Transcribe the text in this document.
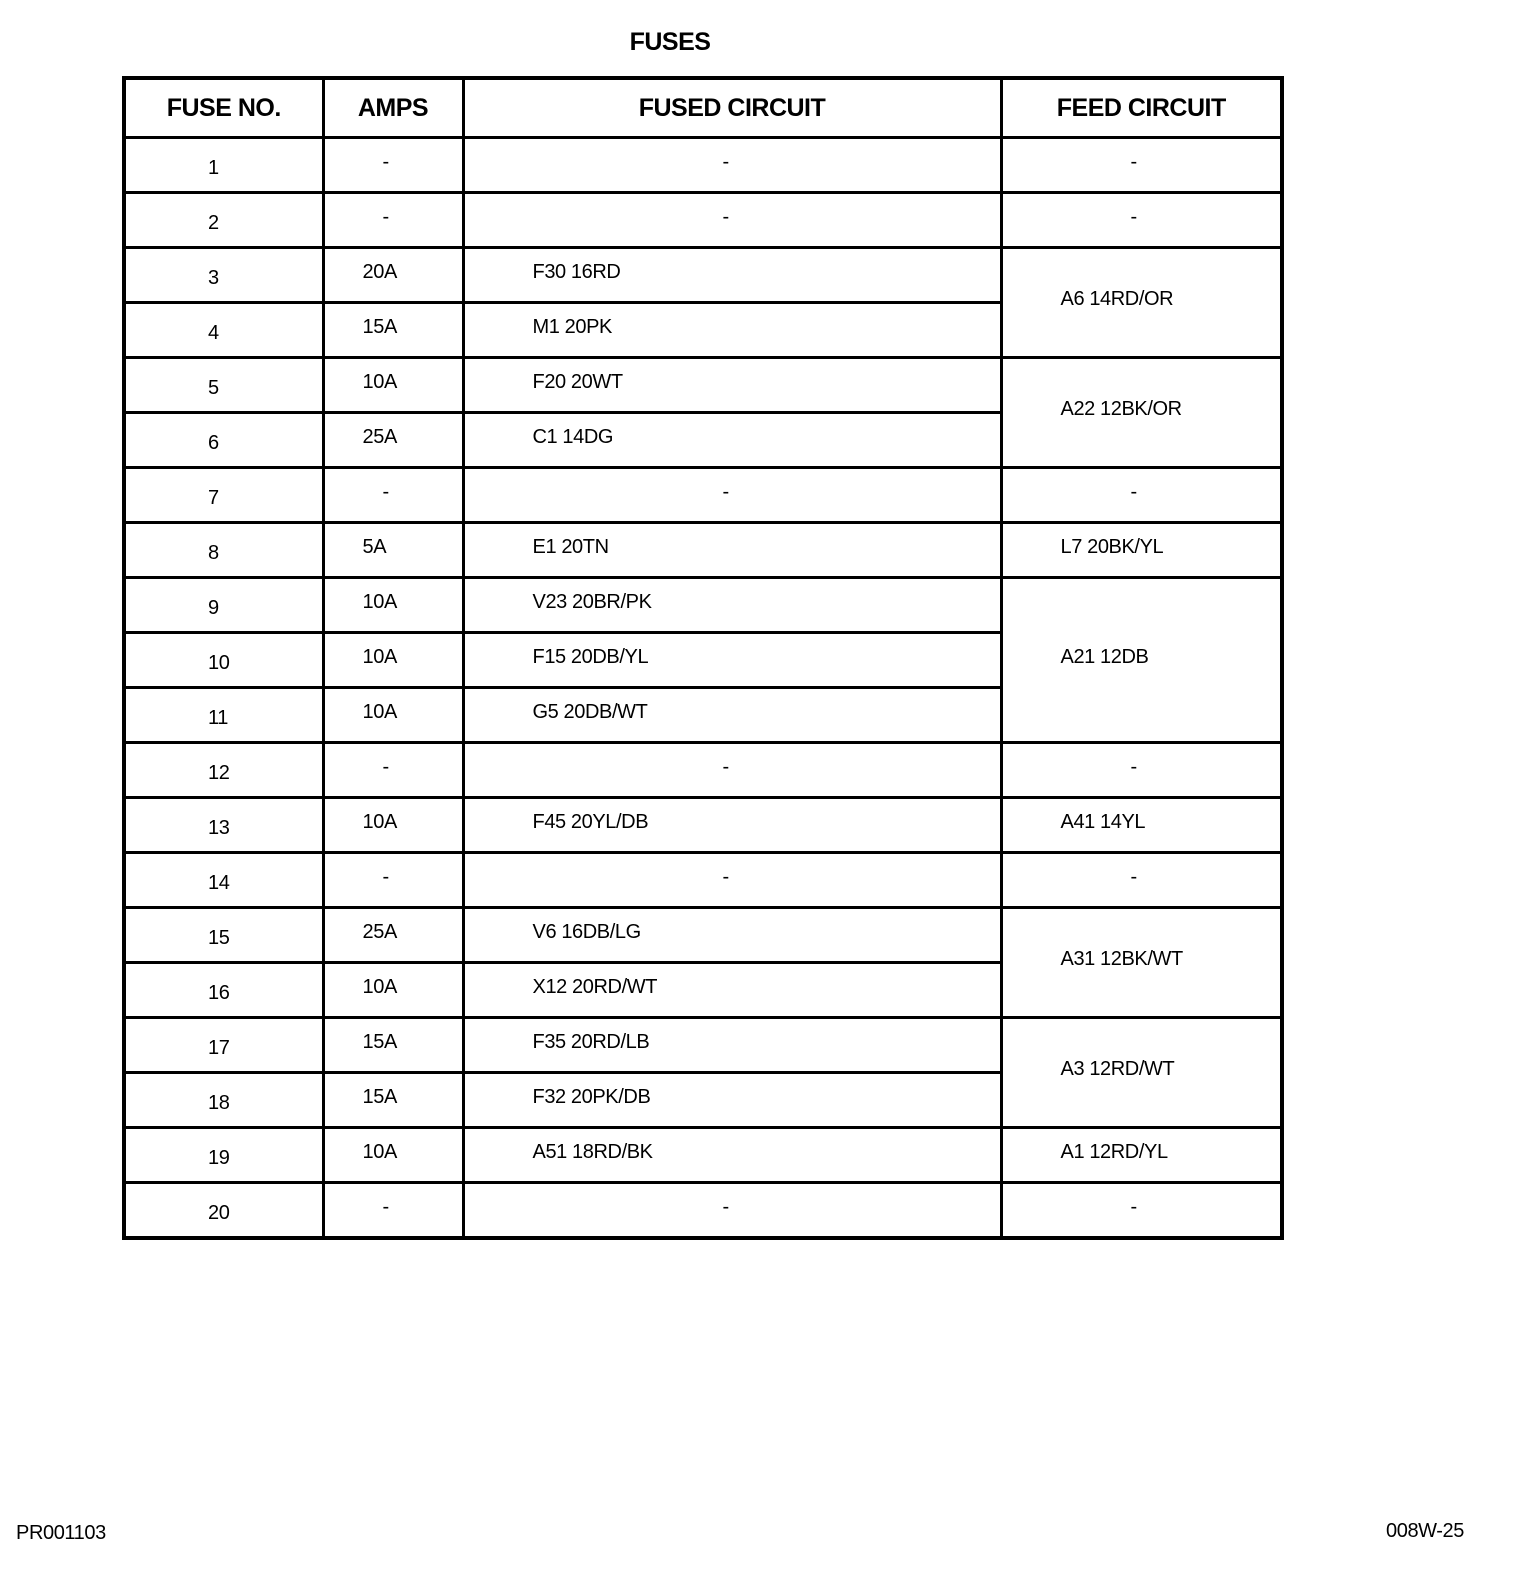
FUSES
FUSE NO.	AMPS	FUSED CIRCUIT	FEED CIRCUIT
1	-	-	-
2	-	-	-
3	20A	F30 16RD	A6 14RD/OR
4	15A	M1 20PK	
5	10A	F20 20WT	A22 12BK/OR
6	25A	C1 14DG	
7	-	-	-
8	5A	E1 20TN	L7 20BK/YL
9	10A	V23 20BR/PK	A21 12DB
10	10A	F15 20DB/YL	
11	10A	G5 20DB/WT	
12	-	-	-
13	10A	F45 20YL/DB	A41 14YL
14	-	-	-
15	25A	V6 16DB/LG	A31 12BK/WT
16	10A	X12 20RD/WT	
17	15A	F35 20RD/LB	A3 12RD/WT
18	15A	F32 20PK/DB	
19	10A	A51 18RD/BK	A1 12RD/YL
20	-	-	-
PR001103	008W-25
